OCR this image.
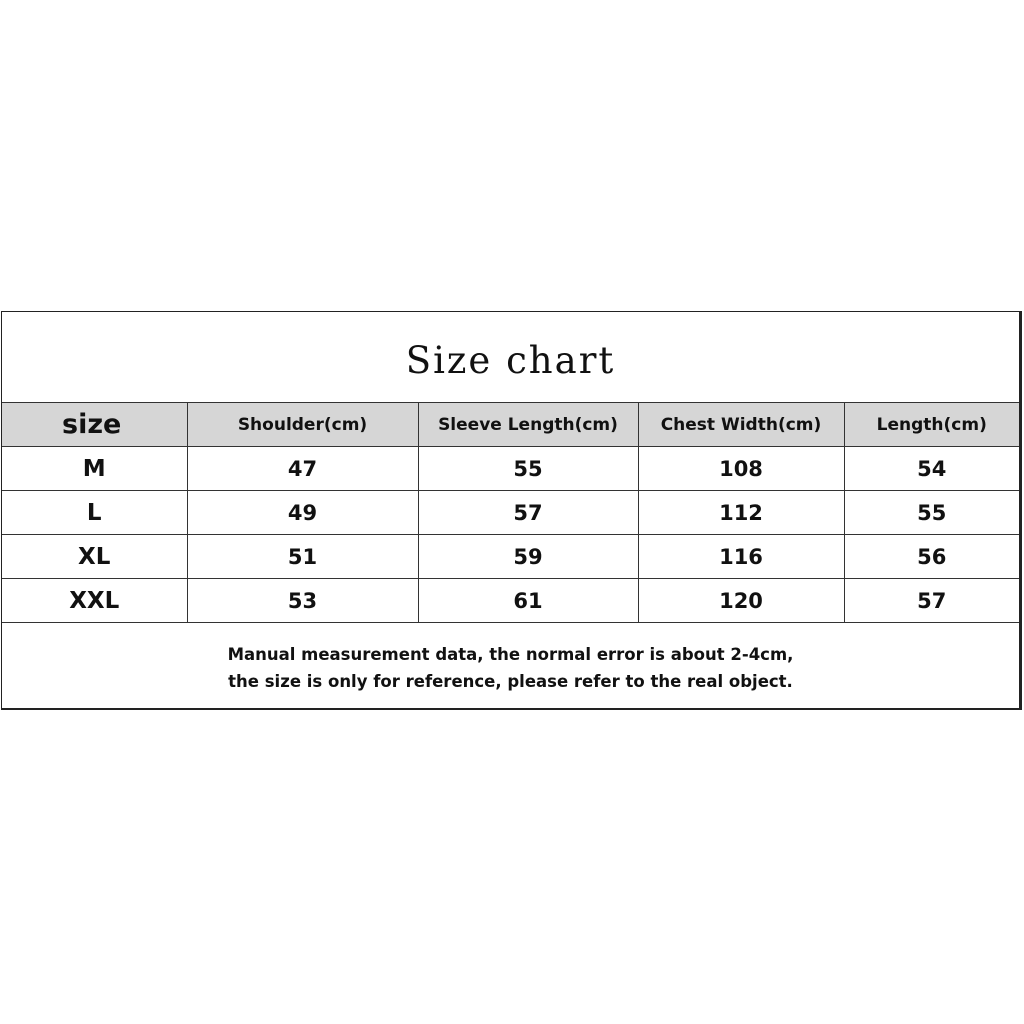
Size chart
size	Shoulder(cm)	Sleeve Length(cm)	Chest Width(cm)	Length(cm)
M	47	55	108	54
L	49	57	112	55
XL	51	59	116	56
XXL	53	61	120	57
Manual measurement data, the normal error is about 2-4cm,
the size is only for reference, please refer to the real object.
